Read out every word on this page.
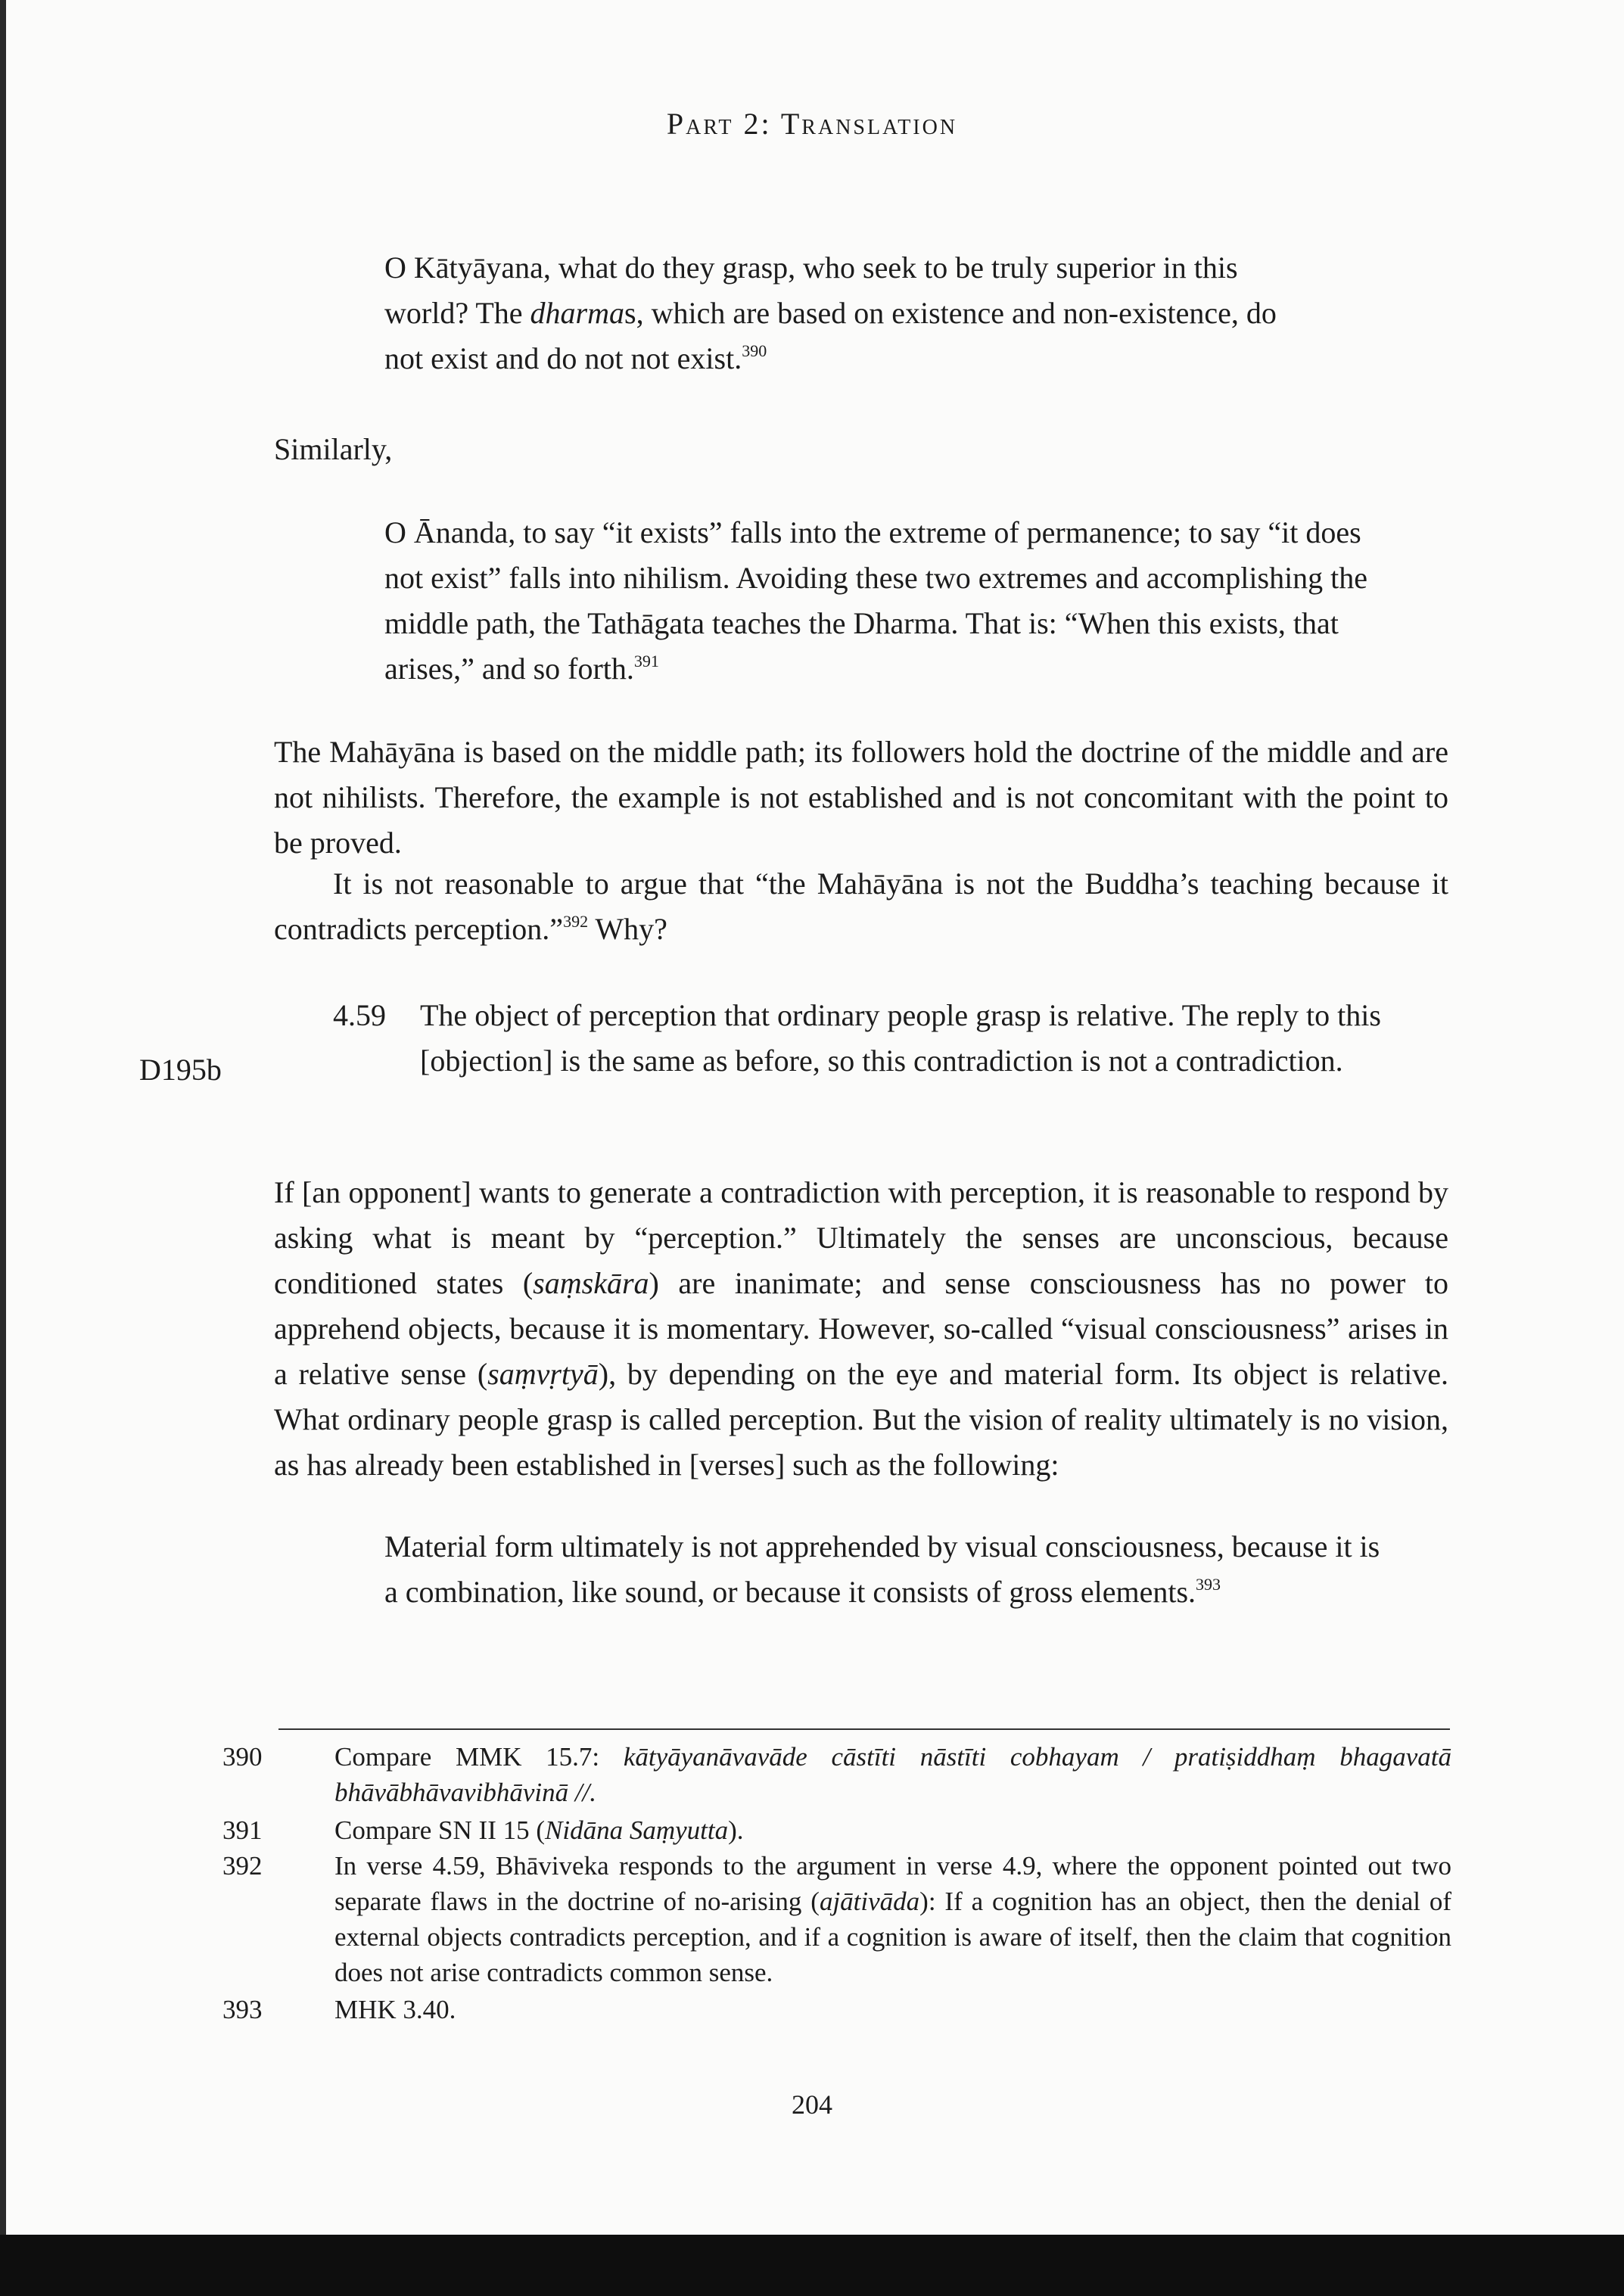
Part 2: Translation

O Kātyāyana, what do they grasp, who seek to be truly superior in this
world? The dharmas, which are based on existence and non-existence, do
not exist and do not not exist.$^{390}$

Similarly,

O Ānanda, to say “it exists” falls into the extreme of permanence; to say “it does not exist” falls into nihilism. Avoiding these two extremes and accomplishing the middle path, the Tathāgata teaches the Dharma. That is: “When this exists, that arises,” and so forth.$^{391}$

The Mahāyāna is based on the middle path; its followers hold the doctrine of the middle and are not nihilists. Therefore, the example is not established and is not concomitant with the point to be proved.

It is not reasonable to argue that “the Mahāyāna is not the Buddha’s teaching because it contradicts perception.”$^{392}$ Why?

4.59 The object of perception that ordinary people grasp is relative. The reply to this [objection] is the same as before, so this contradiction is not a contradiction.

D195b

If [an opponent] wants to generate a contradiction with perception, it is reasonable to respond by asking what is meant by “perception.” Ultimately the senses are unconscious, because conditioned states (saṃskāra) are inanimate; and sense consciousness has no power to apprehend objects, because it is momentary. However, so-called “visual consciousness” arises in a relative sense (saṃvṛtyā), by depending on the eye and material form. Its object is relative. What ordinary people grasp is called perception. But the vision of reality ultimately is no vision, as has already been established in [verses] such as the following:

Material form ultimately is not apprehended by visual consciousness, because it is a combination, like sound, or because it consists of gross elements.$^{393}$

390	Compare MMK 15.7: kātyāyanāvavāde cāstīti nāstīti cobhayam / pratiṣiddhaṃ bhagavatā bhāvābhāvavibhāvinā //.
391	Compare SN II 15 (Nidāna Saṃyutta).
392	In verse 4.59, Bhāviveka responds to the argument in verse 4.9, where the opponent pointed out two separate flaws in the doctrine of no-arising (ajātivāda): If a cognition has an object, then the denial of external objects contradicts perception, and if a cognition is aware of itself, then the claim that cognition does not arise contradicts common sense.
393	MHK 3.40.
204
